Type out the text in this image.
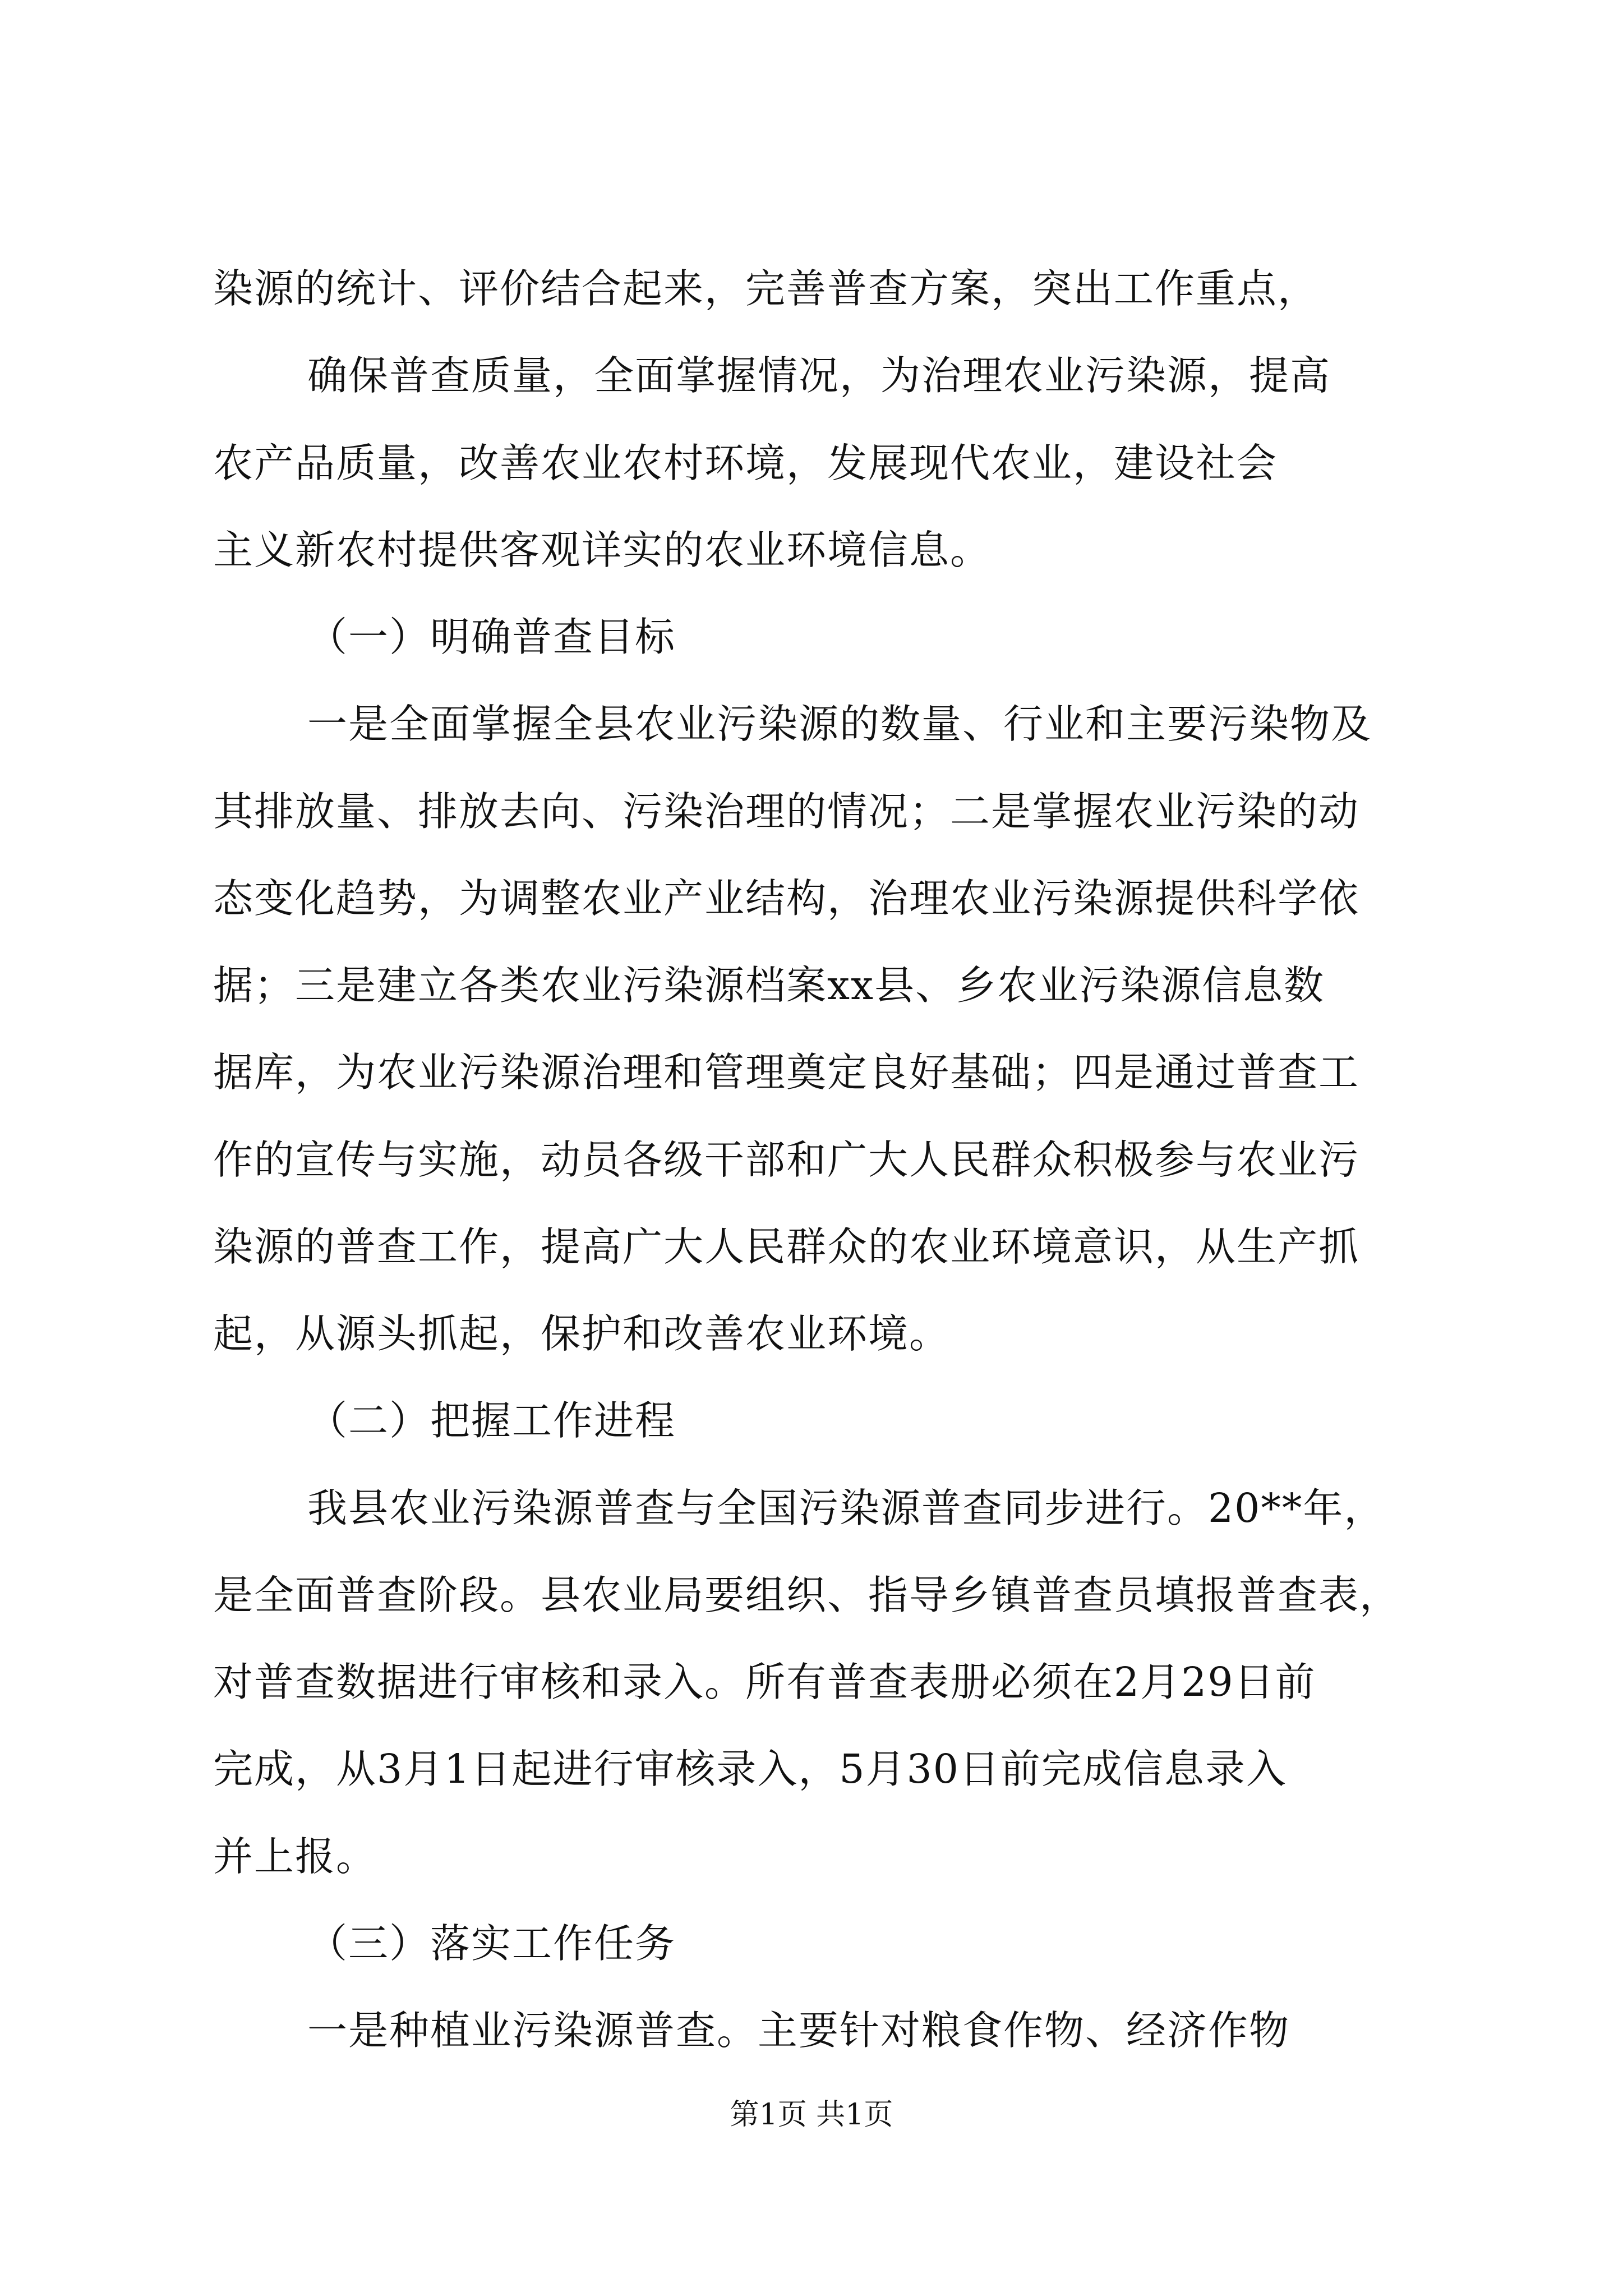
染源的统计、评价结合起来，完善普查方案，突出工作重点，
确保普查质量，全面掌握情况，为治理农业污染源，提高
农产品质量，改善农业农村环境，发展现代农业，建设社会
主义新农村提供客观详实的农业环境信息。
（一）明确普查目标
一是全面掌握全县农业污染源的数量、行业和主要污染物及
其排放量、排放去向、污染治理的情况；二是掌握农业污染的动
态变化趋势，为调整农业产业结构，治理农业污染源提供科学依
据；三是建立各类农业污染源档案xx县、乡农业污染源信息数
据库，为农业污染源治理和管理奠定良好基础；四是通过普查工
作的宣传与实施，动员各级干部和广大人民群众积极参与农业污
染源的普查工作，提高广大人民群众的农业环境意识，从生产抓
起，从源头抓起，保护和改善农业环境。
（二）把握工作进程
我县农业污染源普查与全国污染源普查同步进行。20**年，
是全面普查阶段。县农业局要组织、指导乡镇普查员填报普查表，
对普查数据进行审核和录入。所有普查表册必须在2月29日前
完成，从3月1日起进行审核录入，5月30日前完成信息录入
并上报。
（三）落实工作任务
一是种植业污染源普查。主要针对粮食作物、经济作物
第1页 共1页
